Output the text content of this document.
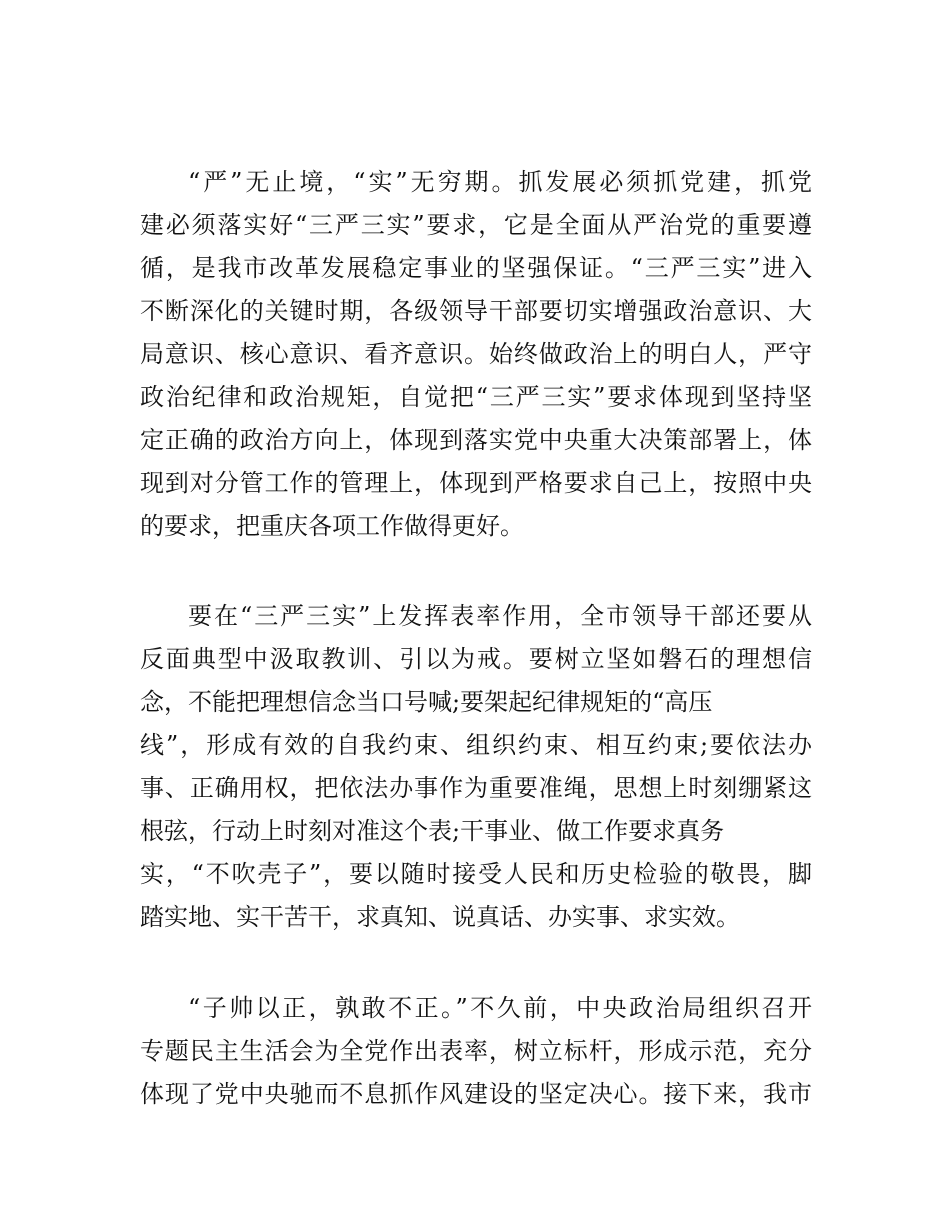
“严”无止境，“实”无穷期。抓发展必须抓党建，抓党
建必须落实好“三严三实”要求，它是全面从严治党的重要遵
循，是我市改革发展稳定事业的坚强保证。“三严三实”进入
不断深化的关键时期，各级领导干部要切实增强政治意识、大
局意识、核心意识、看齐意识。始终做政治上的明白人，严守
政治纪律和政治规矩，自觉把“三严三实”要求体现到坚持坚
定正确的政治方向上，体现到落实党中央重大决策部署上，体
现到对分管工作的管理上，体现到严格要求自己上，按照中央
的要求，把重庆各项工作做得更好。
要在“三严三实”上发挥表率作用，全市领导干部还要从
反面典型中汲取教训、引以为戒。要树立坚如磐石的理想信
念，不能把理想信念当口号喊;要架起纪律规矩的“高压
线”，形成有效的自我约束、组织约束、相互约束;要依法办
事、正确用权，把依法办事作为重要准绳，思想上时刻绷紧这
根弦，行动上时刻对准这个表;干事业、做工作要求真务
实，“不吹壳子”，要以随时接受人民和历史检验的敬畏，脚
踏实地、实干苦干，求真知、说真话、办实事、求实效。
“子帅以正，孰敢不正。”不久前，中央政治局组织召开
专题民主生活会为全党作出表率，树立标杆，形成示范，充分
体现了党中央驰而不息抓作风建设的坚定决心。接下来，我市
